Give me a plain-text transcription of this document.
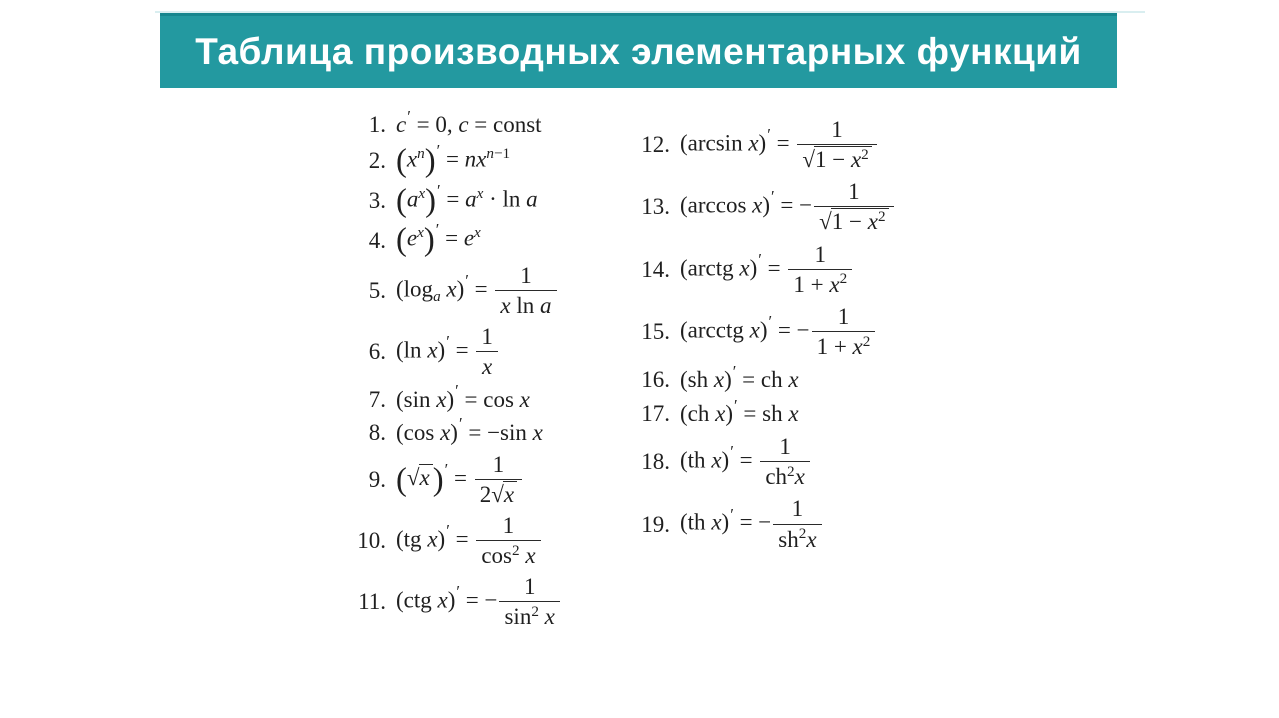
Таблица производных элементарных функций
1. c′ = 0, c = const
2. $(x^n)' = nx^{n-1}$
3. $(a^x)' = a^x \cdot \ln a$
4. $(e^x)' = e^x$
5. ($\log_a$ $x)' = \frac{1}{\text{x ln a}}$
6. (ln $x)' = \frac{1}{x}$
7. (sin x)′ = cos x
8. (cos x)′ = −sin x
9. $(√x)' = \frac{1}{2√x}$
10. (tg $x)' = \frac{1}{\cos^2 x}$
11. (ctg x)′ = − $\frac{1}{\sin^2 x}$
12. (arcsin $x)' = \frac{1}{√1 - x^2}$
13. (arccos x)′ = − $\frac{1}{√1 - x^2}$
14. (arctg $x)' = \frac{1}{1 + x^2}$
15. (arcctg x)′ = − $\frac{1}{1 + x^2}$
16. (sh x)′ = ch x
17. (ch x)′ = sh x
18. (th $x)' = \frac{1}{ch^2x}$
19. (th x)′ = − $\frac{1}{sh^2x}$
